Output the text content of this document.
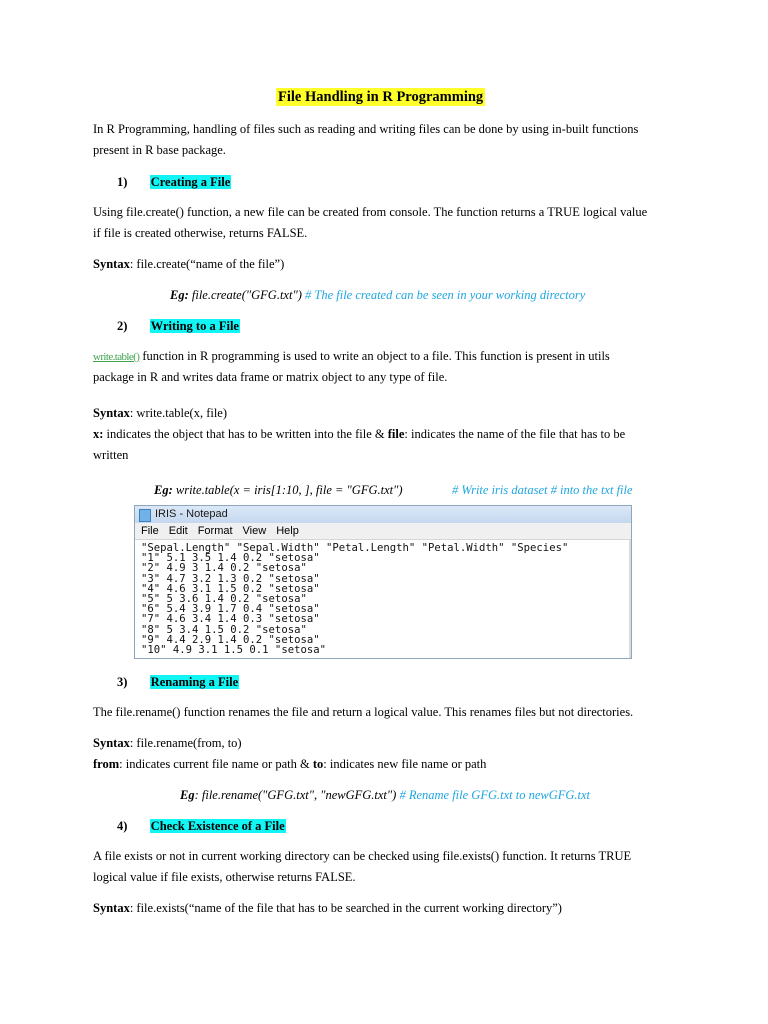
File Handling in R Programming
In R Programming, handling of files such as reading and writing files can be done by using in-built functions
present in R base package.
1) Creating a File
Using file.create() function, a new file can be created from console. The function returns a TRUE logical value
if file is created otherwise, returns FALSE.
Syntax: file.create(“name of the file”)
Eg: file.create("GFG.txt") # The file created can be seen in your working directory
2) Writing to a File
write.table() function in R programming is used to write an object to a file. This function is present in utils
package in R and writes data frame or matrix object to any type of file.
Syntax: write.table(x, file)
x: indicates the object that has to be written into the file & file: indicates the name of the file that has to be
written
Eg: write.table(x = iris[1:10, ], file = "GFG.txt")	# Write iris dataset # into the txt file
IRIS - Notepad
File Edit Format View Help
"Sepal.Length" "Sepal.Width" "Petal.Length" "Petal.Width" "Species"
"1" 5.1 3.5 1.4 0.2 "setosa"
"2" 4.9 3 1.4 0.2 "setosa"
"3" 4.7 3.2 1.3 0.2 "setosa"
"4" 4.6 3.1 1.5 0.2 "setosa"
"5" 5 3.6 1.4 0.2 "setosa"
"6" 5.4 3.9 1.7 0.4 "setosa"
"7" 4.6 3.4 1.4 0.3 "setosa"
"8" 5 3.4 1.5 0.2 "setosa"
"9" 4.4 2.9 1.4 0.2 "setosa"
"10" 4.9 3.1 1.5 0.1 "setosa"
3) Renaming a File
The file.rename() function renames the file and return a logical value. This renames files but not directories.
Syntax: file.rename(from, to)
from: indicates current file name or path & to: indicates new file name or path
Eg: file.rename("GFG.txt", "newGFG.txt") # Rename file GFG.txt to newGFG.txt
4) Check Existence of a File
A file exists or not in current working directory can be checked using file.exists() function. It returns TRUE
logical value if file exists, otherwise returns FALSE.
Syntax: file.exists(“name of the file that has to be searched in the current working directory”)
